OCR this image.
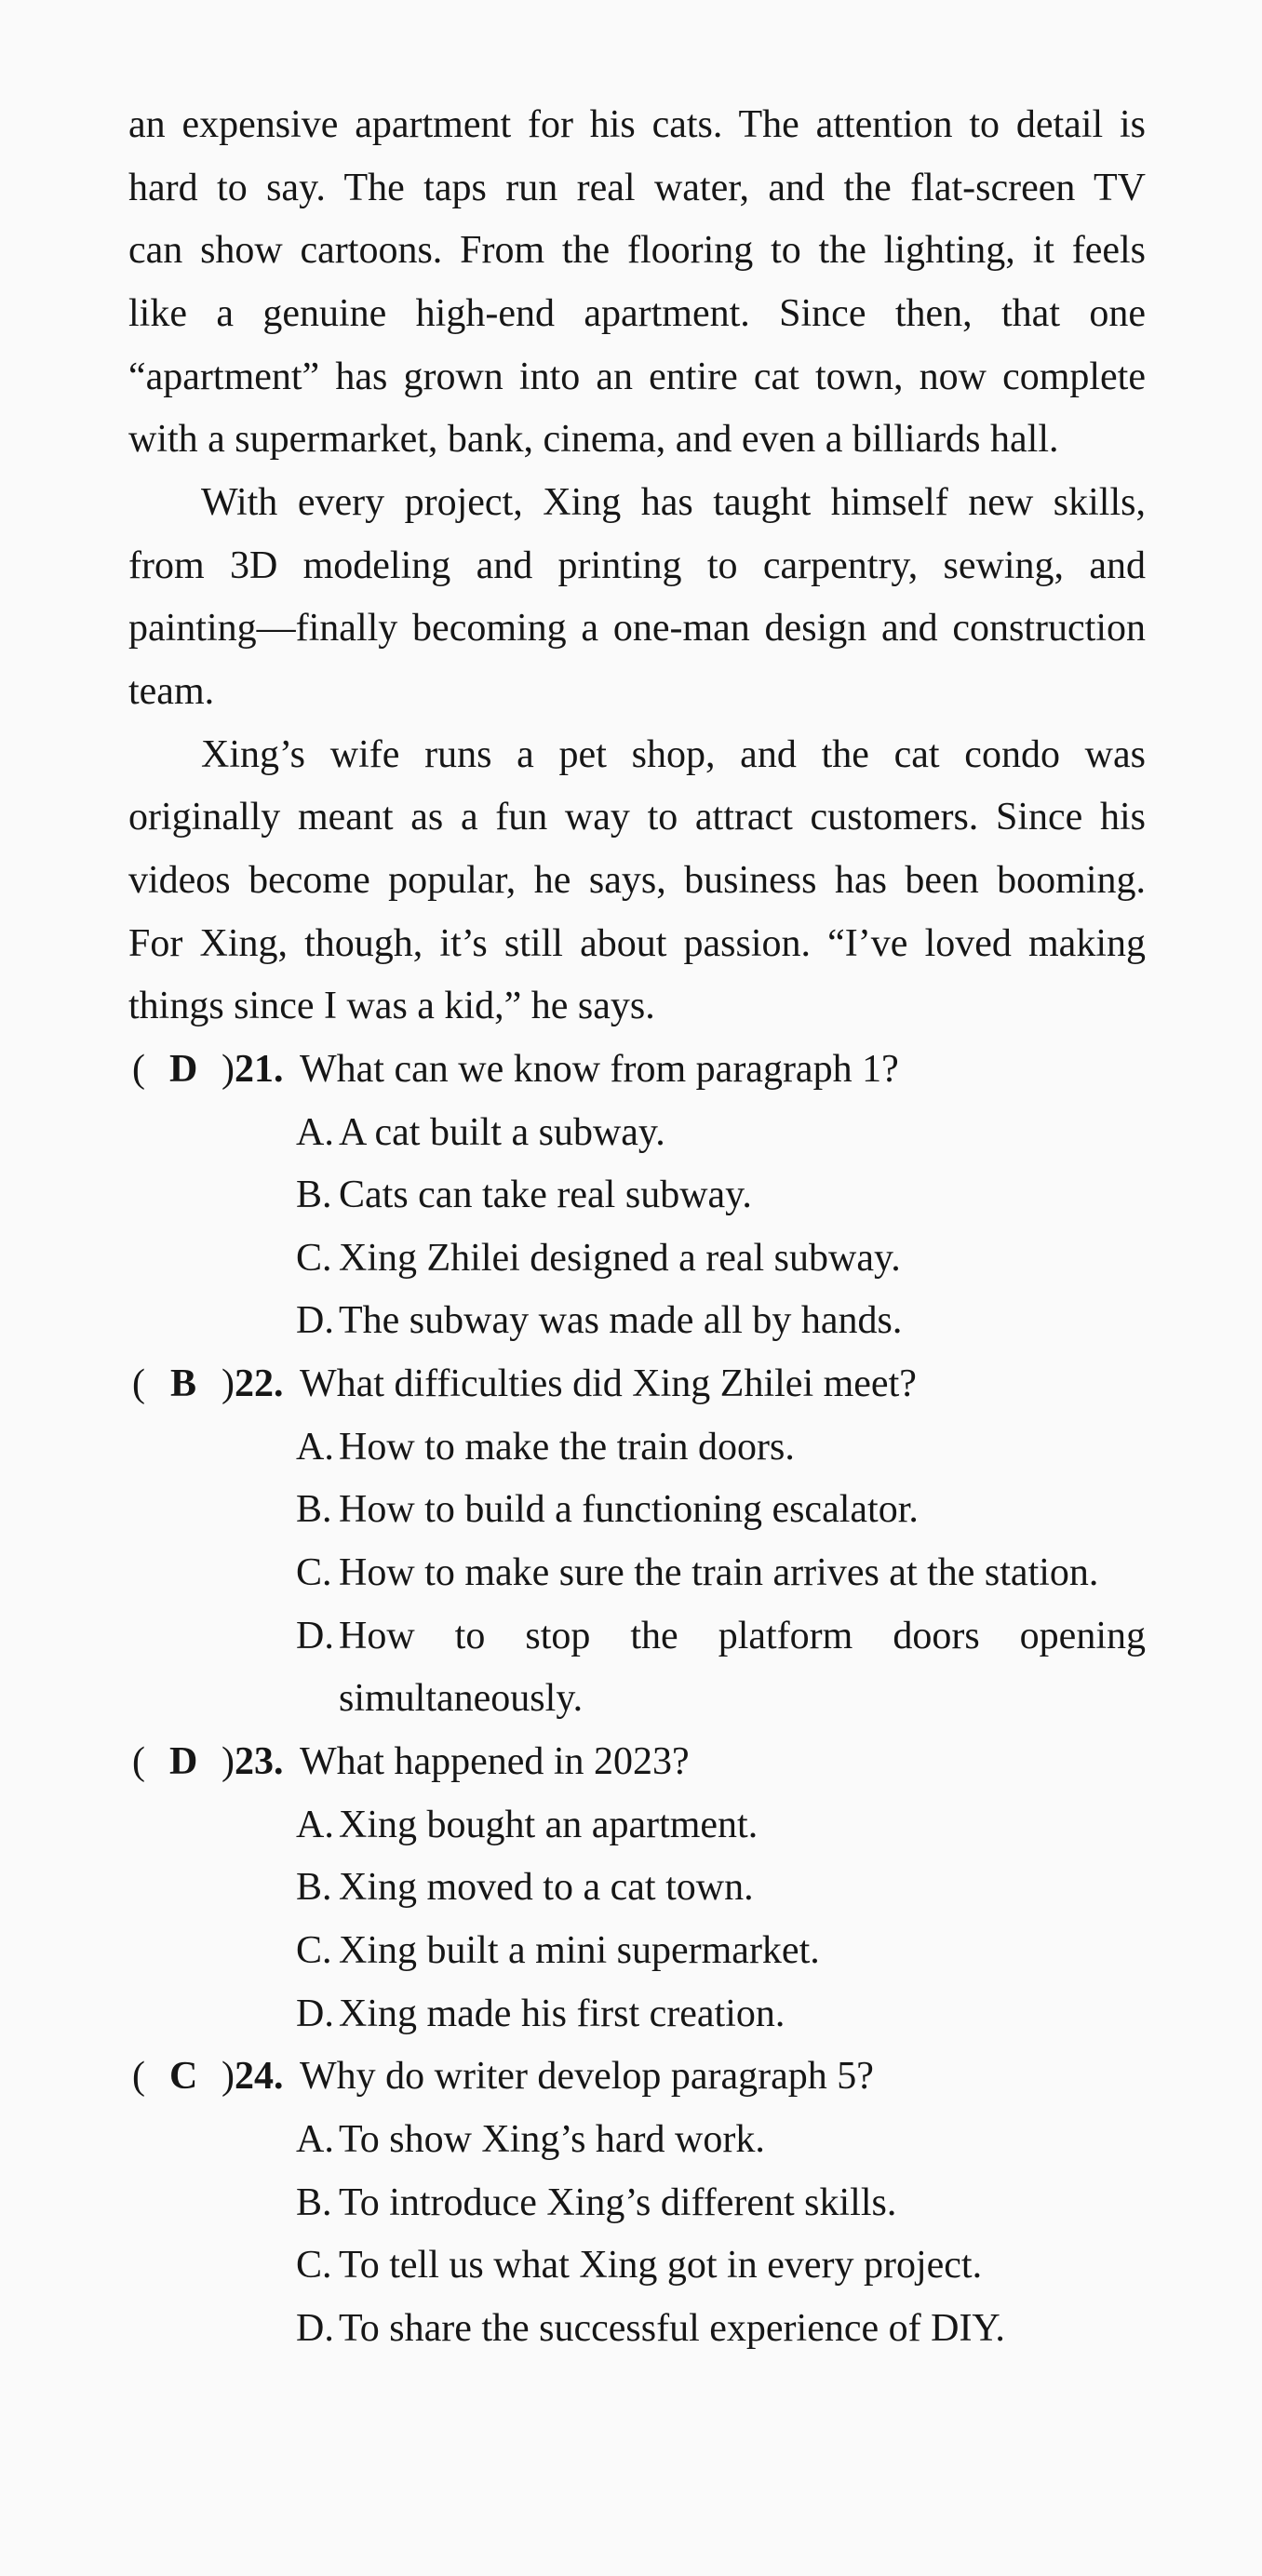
an expensive apartment for his cats. The attention to detail is
hard to say. The taps run real water, and the flat-screen TV
can show cartoons. From the flooring to the lighting, it feels
like a genuine high-end apartment. Since then, that one
“apartment” has grown into an entire cat town, now complete
with a supermarket, bank, cinema, and even a billiards hall.
With every project, Xing has taught himself new skills,
from 3D modeling and printing to carpentry, sewing, and
painting—finally becoming a one-man design and construction
team.
Xing’s wife runs a pet shop, and the cat condo was
originally meant as a fun way to attract customers. Since his
videos become popular, he says, business has been booming.
For Xing, though, it’s still about passion. “I’ve loved making
things since I was a kid,” he says.
( D )21. What can we know from paragraph 1?
A. A cat built a subway.
B. Cats can take real subway.
C. Xing Zhilei designed a real subway.
D. The subway was made all by hands.
( B )22. What difficulties did Xing Zhilei meet?
A. How to make the train doors.
B. How to build a functioning escalator.
C. How to make sure the train arrives at the station.
D. How to stop the platform doors opening simultaneously.
( D )23. What happened in 2023?
A. Xing bought an apartment.
B. Xing moved to a cat town.
C. Xing built a mini supermarket.
D. Xing made his first creation.
( C )24. Why do writer develop paragraph 5?
A. To show Xing’s hard work.
B. To introduce Xing’s different skills.
C. To tell us what Xing got in every project.
D. To share the successful experience of DIY.
